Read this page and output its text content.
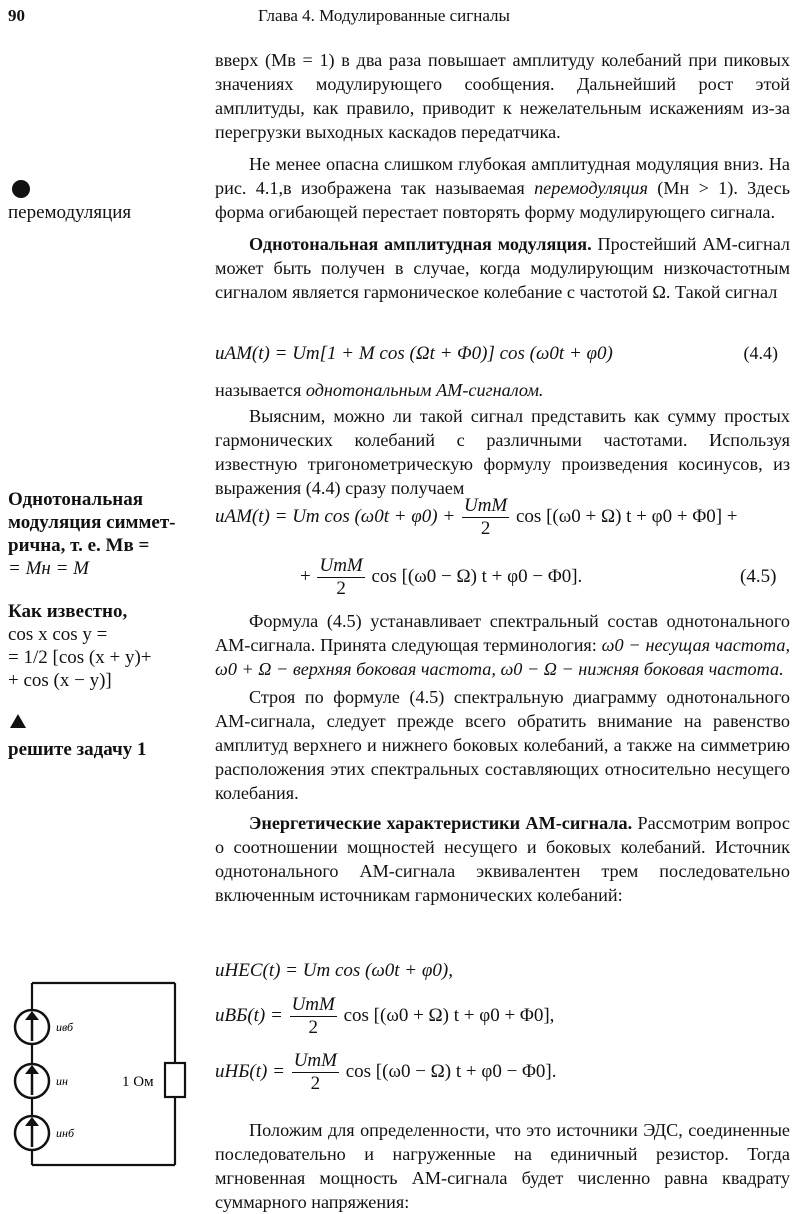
90	Глава 4. Модулированные сигналы
перемодуляция
Однотональная
модуляция симмет-
рична, т. е. Mв =
= Mн = M
Как известно,
cos x cos y =
= 1/2 [cos (x + y)+
+ cos (x − y)]
решите задачу 1
uвб
uн
uнб
1 Ом

вверх (Mв = 1) в два раза повышает амплитуду колебаний при пиковых значениях модулирующего сообщения. Дальнейший рост этой амплитуды, как правило, приводит к нежелательным искажениям из-за перегрузки выходных каскадов передатчика.

Не менее опасна слишком глубокая амплитудная модуляция вниз. На рис. 4.1,в изображена так называемая перемодуляция (Mн > 1). Здесь форма огибающей перестает повторять форму модулирующего сигнала.

Однотональная амплитудная модуляция. Простейший АМ-сигнал может быть получен в случае, когда модулирующим низкочастотным сигналом является гармоническое колебание с частотой Ω. Такой сигнал

uАМ(t) = Um[1 + M cos (Ωt + Φ0)] cos (ω0t + φ0)	(4.4)

называется однотональным АМ-сигналом.

Выясним, можно ли такой сигнал представить как сумму простых гармонических колебаний с различными частотами. Используя известную тригонометрическую формулу произведения косинусов, из выражения (4.4) сразу получаем

uАМ(t) = Um $\cos (\omega 0t + \varphi 0) + \frac{\text{UmM}}{2}$ cos [(ω0 + Ω) t + φ0 + Φ0] +
+ $\frac{\text{UmM}}{2}$ cos [(ω0 − Ω) t + φ0 − Φ0].	(4.5)

Формула (4.5) устанавливает спектральный состав однотонального АМ-сигнала. Принята следующая терминология: ω0 − несущая частота, ω0 + Ω − верхняя боковая частота, ω0 − Ω − нижняя боковая частота.

Строя по формуле (4.5) спектральную диаграмму однотонального АМ-сигнала, следует прежде всего обратить внимание на равенство амплитуд верхнего и нижнего боковых колебаний, а также на симметрию расположения этих спектральных составляющих относительно несущего колебания.

Энергетические характеристики АМ-сигнала. Рассмотрим вопрос о соотношении мощностей несущего и боковых колебаний. Источник однотонального АМ-сигнала эквивалентен трем последовательно включенным источникам гармонических колебаний:

uНЕС(t) = Um cos (ω0t + φ0),
$uВБ(t) = \frac{\text{UmM}}{2}$ cos [(ω0 + Ω) t + φ0 + Φ0],
$uНБ(t) = \frac{\text{UmM}}{2}$ cos [(ω0 − Ω) t + φ0 − Φ0].

Положим для определенности, что это источники ЭДС, соединенные последовательно и нагруженные на единичный резистор. Тогда мгновенная мощность АМ-сигнала будет численно равна квадрату суммарного напряжения:
